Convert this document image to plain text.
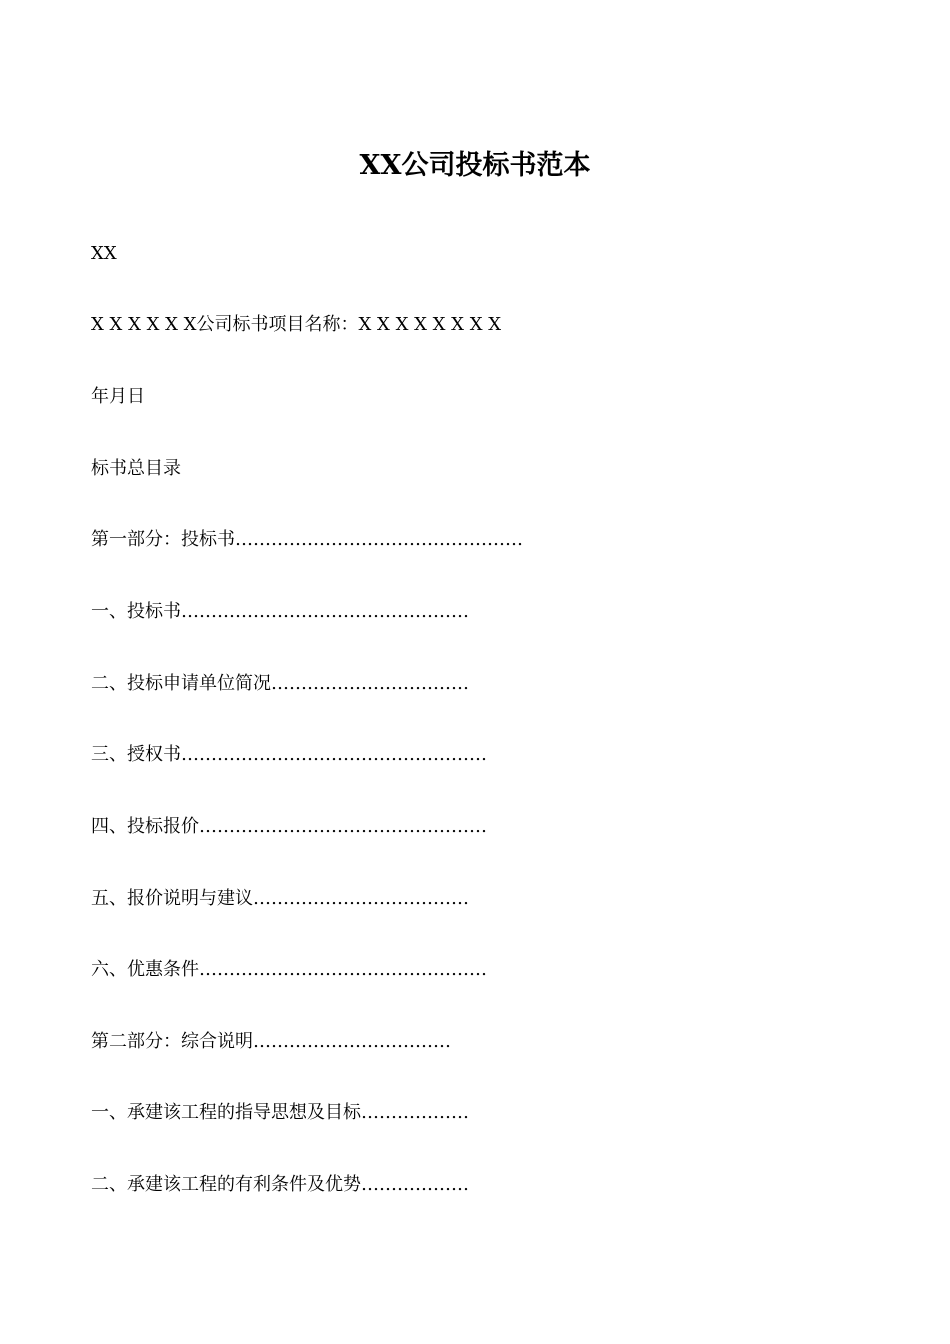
XX公司投标书范本
XX
X X X X X X公司标书项目名称：X X X X X X X X
年月日
标书总目录
第一部分：投标书…………………………………………
一、投标书…………………………………………
二、投标申请单位简况……………………………
三、授权书……………………………………………
四、投标报价…………………………………………
五、报价说明与建议………………………………
六、优惠条件…………………………………………
第二部分：综合说明……………………………
一、承建该工程的指导思想及目标………………
二、承建该工程的有利条件及优势………………
